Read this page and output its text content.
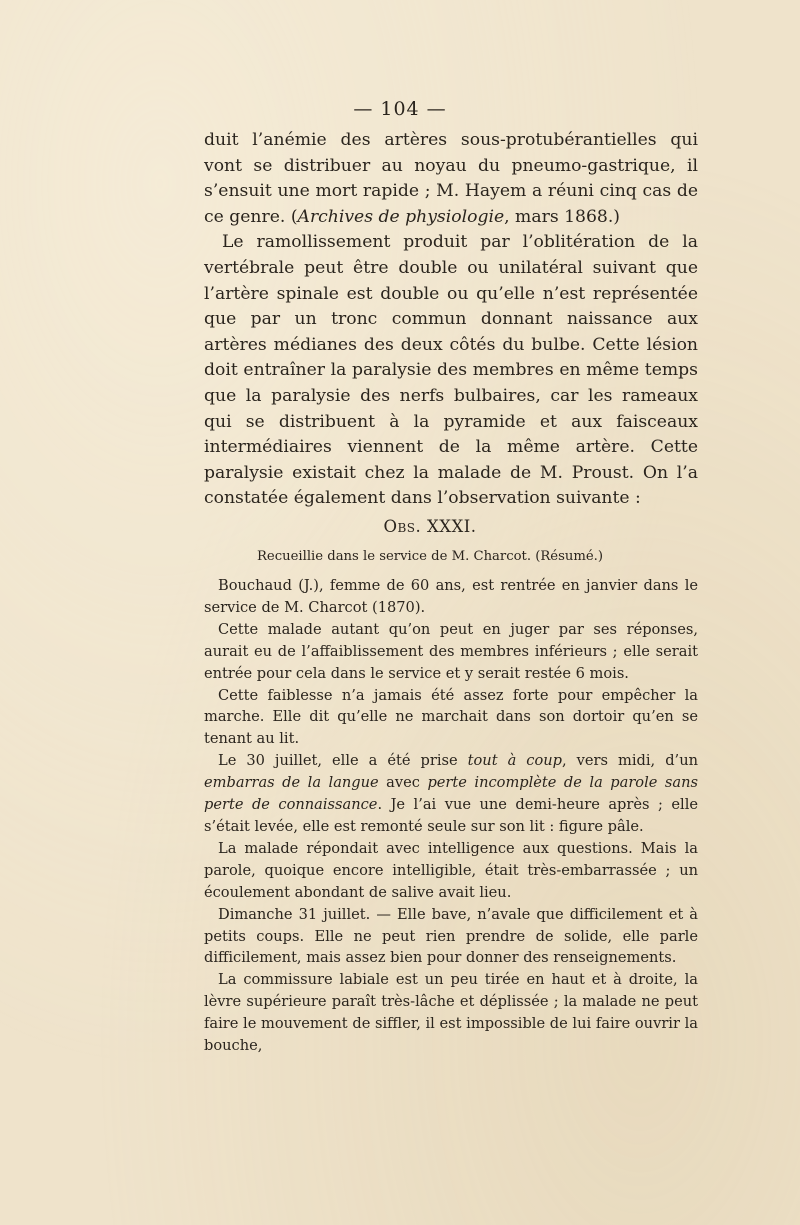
— 104 —

duit l’anémie des artères sous-protubérantielles qui vont se distribuer au noyau du pneumo-gastrique, il s’ensuit une mort rapide ; M. Hayem a réuni cinq cas de ce genre. (Archives de physiologie, mars 1868.)

Le ramollissement produit par l’oblitération de la vertébrale peut être double ou unilatéral suivant que l’artère spinale est double ou qu’elle n’est représentée que par un tronc commun donnant naissance aux artères médianes des deux côtés du bulbe. Cette lésion doit entraîner la paralysie des membres en même temps que la paralysie des nerfs bulbaires, car les rameaux qui se distribuent à la pyramide et aux faisceaux intermédiaires viennent de la même artère. Cette paralysie existait chez la malade de M. Proust. On l’a constatée également dans l’observation suivante :

Obs. XXXI.
Recueillie dans le service de M. Charcot. (Résumé.)

Bouchaud (J.), femme de 60 ans, est rentrée en janvier dans le service de M. Charcot (1870).

Cette malade autant qu’on peut en juger par ses réponses, aurait eu de l’affaiblissement des membres inférieurs ; elle serait entrée pour cela dans le service et y serait restée 6 mois.

Cette faiblesse n’a jamais été assez forte pour empêcher la marche. Elle dit qu’elle ne marchait dans son dortoir qu’en se tenant au lit.

Le 30 juillet, elle a été prise tout à coup, vers midi, d’un embarras de la langue avec perte incomplète de la parole sans perte de connaissance. Je l’ai vue une demi-heure après ; elle s’était levée, elle est remonté seule sur son lit : figure pâle.

La malade répondait avec intelligence aux questions. Mais la parole, quoique encore intelligible, était très-embarrassée ; un écoulement abondant de salive avait lieu.

Dimanche 31 juillet. — Elle bave, n’avale que difficilement et à petits coups. Elle ne peut rien prendre de solide, elle parle difficilement, mais assez bien pour donner des renseignements.

La commissure labiale est un peu tirée en haut et à droite, la lèvre supérieure paraît très-lâche et déplissée ; la malade ne peut faire le mouvement de siffler, il est impossible de lui faire ouvrir la bouche,
